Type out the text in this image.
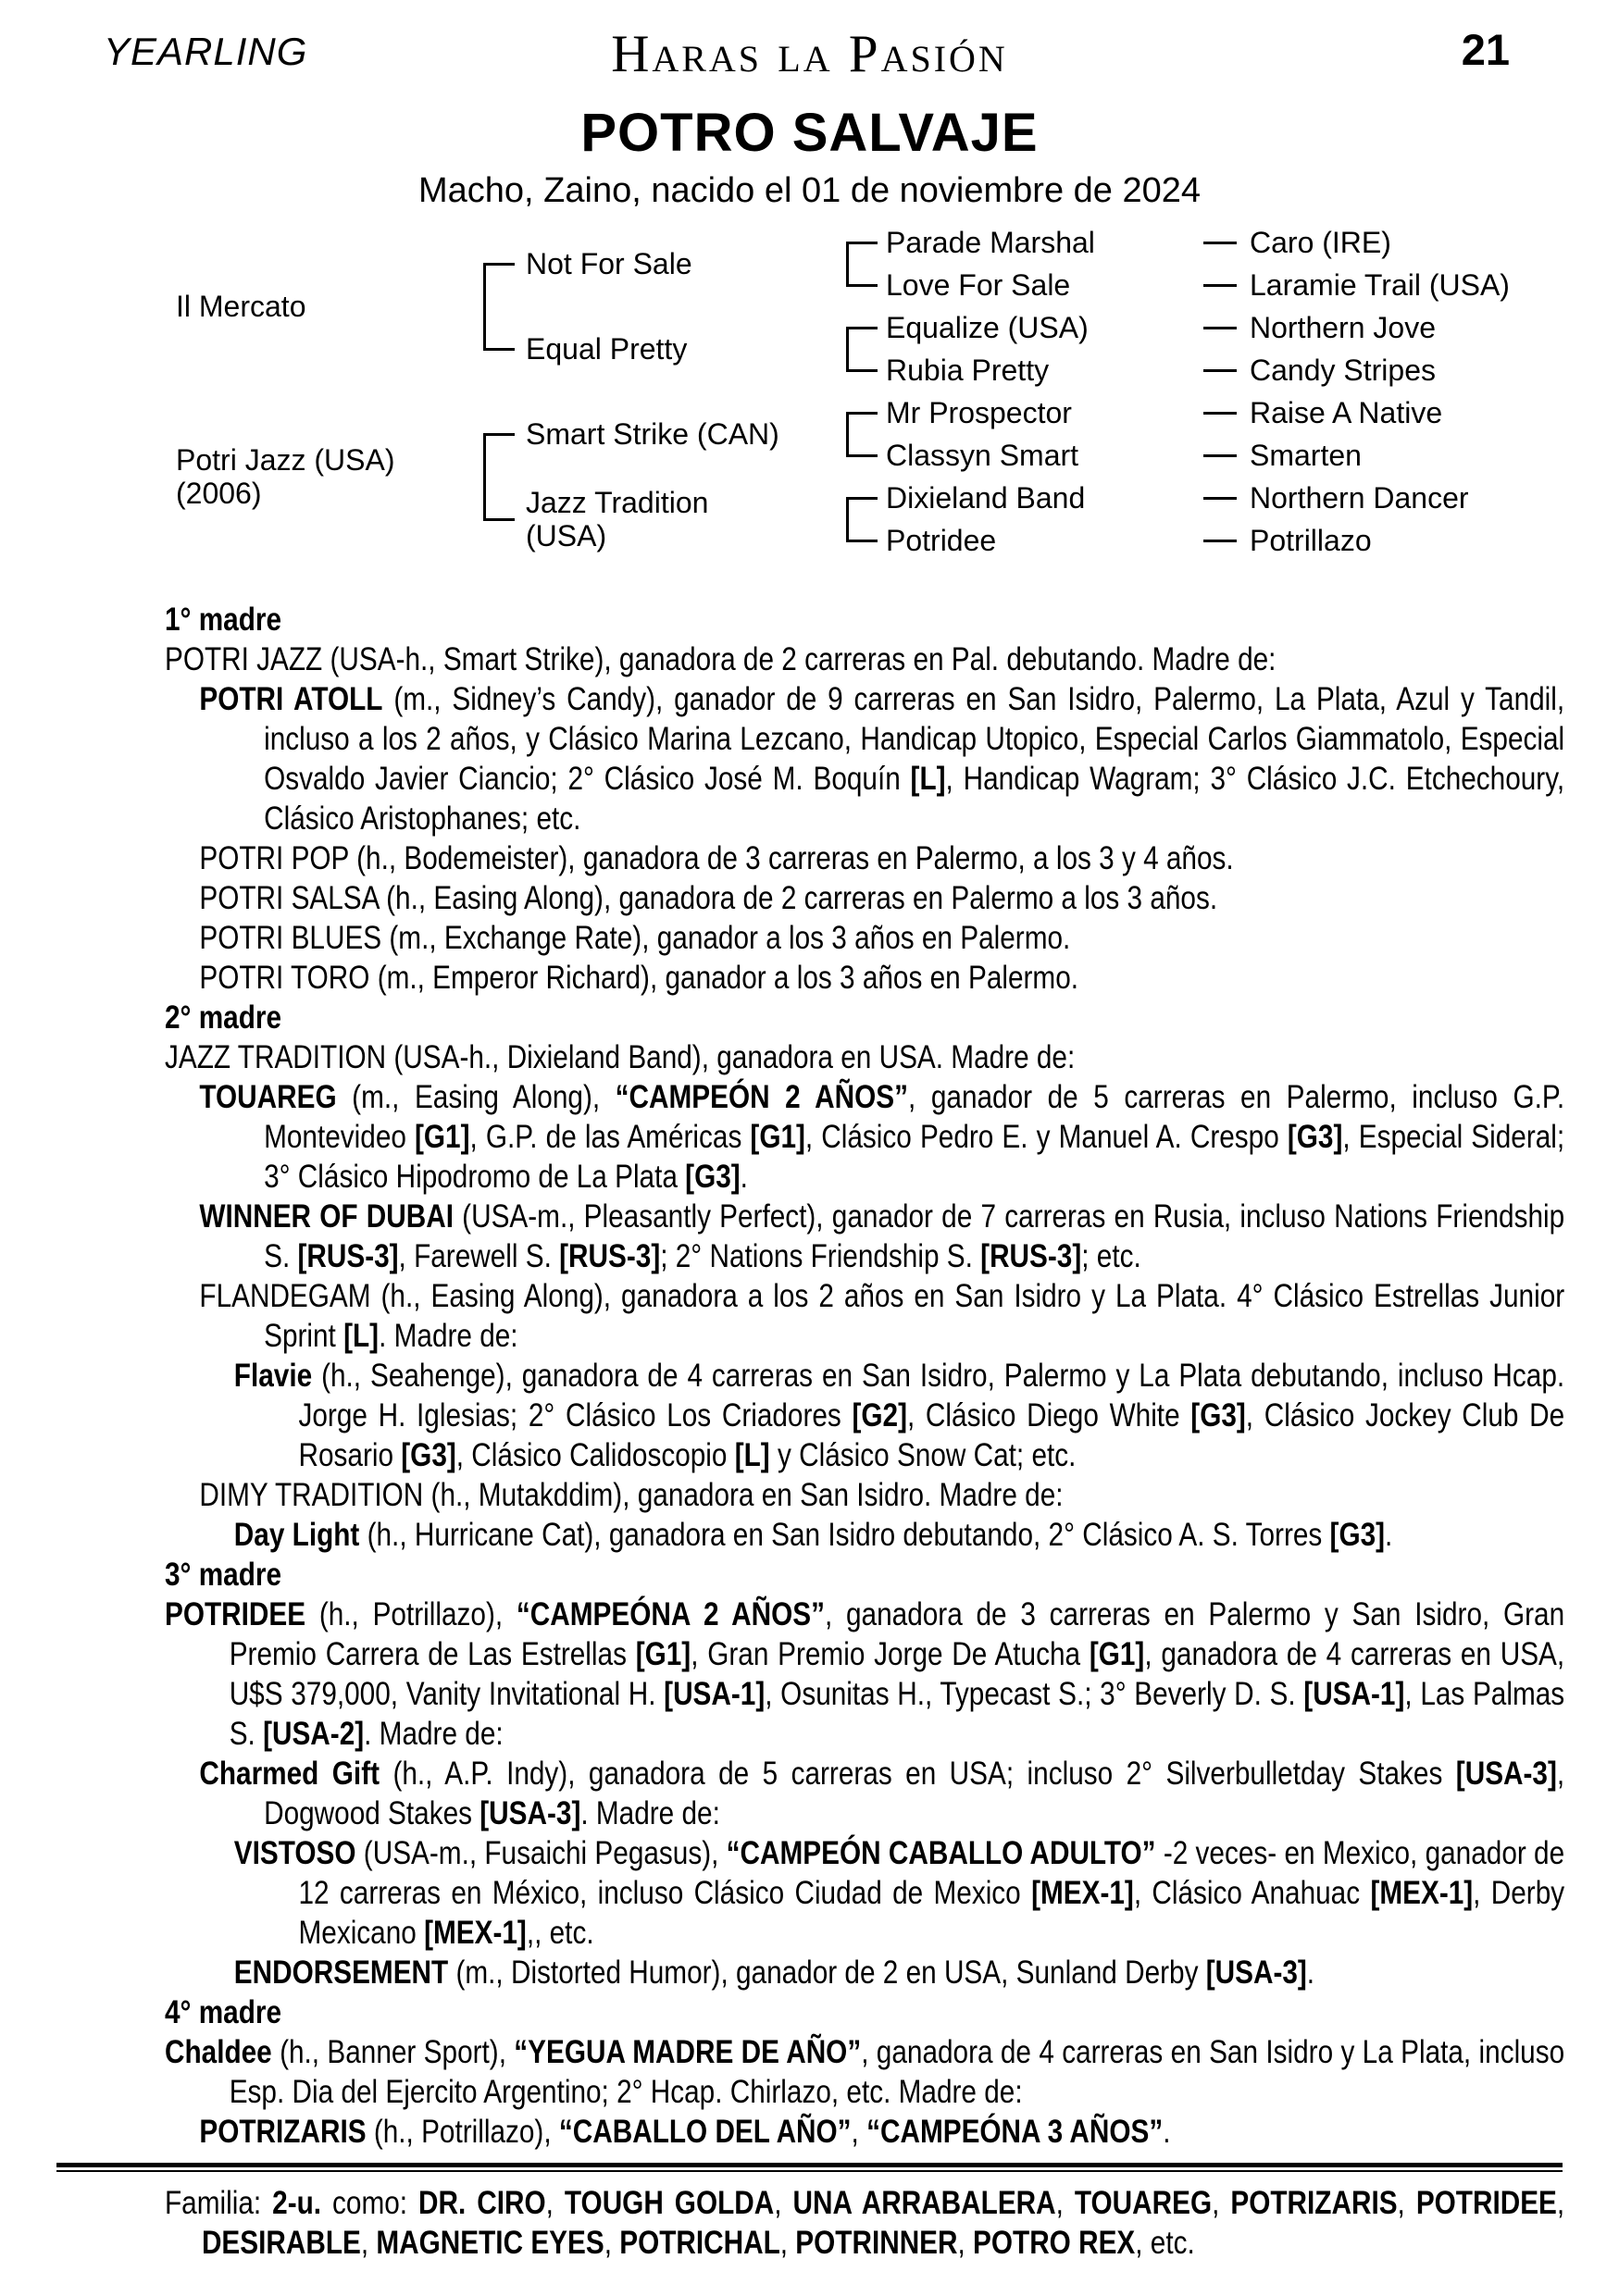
YEARLING	Haras la Pasión	21
POTRO SALVAJE
Macho, Zaino, nacido el 01 de noviembre de 2024
Il Mercato
Potri Jazz (USA)
(2006)
Not For Sale
Equal Pretty
Smart Strike (CAN)
Jazz Tradition
(USA)
Parade Marshal
Love For Sale
Equalize (USA)
Rubia Pretty
Mr Prospector
Classyn Smart
Dixieland Band
Potridee
Caro (IRE)
Laramie Trail (USA)
Northern Jove
Candy Stripes
Raise A Native
Smarten
Northern Dancer
Potrillazo

1° madre

POTRI JAZZ (USA-h., Smart Strike), ganadora de 2 carreras en Pal. debutando. Madre de:

POTRI ATOLL (m., Sidney’s Candy), ganador de 9 carreras en San Isidro, Palermo, La Plata, Azul y Tandil, incluso a los 2 años, y Clásico Marina Lezcano, Handicap Utopico, Especial Carlos Giammatolo, Especial Osvaldo Javier Ciancio; 2° Clásico José M. Boquín [L], Handicap Wagram; 3° Clásico J.C. Etchechoury, Clásico Aristophanes; etc.

POTRI POP (h., Bodemeister), ganadora de 3 carreras en Palermo, a los 3 y 4 años.

POTRI SALSA (h., Easing Along), ganadora de 2 carreras en Palermo a los 3 años.

POTRI BLUES (m., Exchange Rate), ganador a los 3 años en Palermo.

POTRI TORO (m., Emperor Richard), ganador a los 3 años en Palermo.

2° madre

JAZZ TRADITION (USA-h., Dixieland Band), ganadora en USA. Madre de:

TOUAREG (m., Easing Along), “CAMPEÓN 2 AÑOS”, ganador de 5 carreras en Palermo, incluso G.P. Montevideo [G1], G.P. de las Américas [G1], Clásico Pedro E. y Manuel A. Crespo [G3], Especial Sideral; 3° Clásico Hipodromo de La Plata [G3].

WINNER OF DUBAI (USA-m., Pleasantly Perfect), ganador de 7 carreras en Rusia, incluso Nations Friendship S. [RUS-3], Farewell S. [RUS-3]; 2° Nations Friendship S. [RUS-3]; etc.

FLANDEGAM (h., Easing Along), ganadora a los 2 años en San Isidro y La Plata. 4° Clásico Estrellas Junior Sprint [L]. Madre de:

Flavie (h., Seahenge), ganadora de 4 carreras en San Isidro, Palermo y La Plata debutando, incluso Hcap. Jorge H. Iglesias; 2° Clásico Los Criadores [G2], Clásico Diego White [G3], Clásico Jockey Club De Rosario [G3], Clásico Calidoscopio [L] y Clásico Snow Cat; etc.

DIMY TRADITION (h., Mutakddim), ganadora en San Isidro. Madre de:

Day Light (h., Hurricane Cat), ganadora en San Isidro debutando, 2° Clásico A. S. Torres [G3].

3° madre

POTRIDEE (h., Potrillazo), “CAMPEÓNA 2 AÑOS”, ganadora de 3 carreras en Palermo y San Isidro, Gran Premio Carrera de Las Estrellas [G1], Gran Premio Jorge De Atucha [G1], ganadora de 4 carreras en USA, U$S 379,000, Vanity Invitational H. [USA-1], Osunitas H., Typecast S.; 3° Beverly D. S. [USA-1], Las Palmas S. [USA-2]. Madre de:

Charmed Gift (h., A.P. Indy), ganadora de 5 carreras en USA; incluso 2° Silverbulletday Stakes [USA-3], Dogwood Stakes [USA-3]. Madre de:

VISTOSO (USA-m., Fusaichi Pegasus), “CAMPEÓN CABALLO ADULTO” -2 veces- en Mexico, ganador de 12 carreras en México, incluso Clásico Ciudad de Mexico [MEX-1], Clásico Anahuac [MEX-1], Derby Mexicano [MEX-1],, etc.

ENDORSEMENT (m., Distorted Humor), ganador de 2 en USA, Sunland Derby [USA-3].

4° madre

Chaldee (h., Banner Sport), “YEGUA MADRE DE AÑO”, ganadora de 4 carreras en San Isidro y La Plata, incluso Esp. Dia del Ejercito Argentino; 2° Hcap. Chirlazo, etc. Madre de:

POTRIZARIS (h., Potrillazo), “CABALLO DEL AÑO”, “CAMPEÓNA 3 AÑOS”.

Familia: 2-u. como: DR. CIRO, TOUGH GOLDA, UNA ARRABALERA, TOUAREG, POTRIZARIS, POTRIDEE, DESIRABLE, MAGNETIC EYES, POTRICHAL, POTRINNER, POTRO REX, etc.
